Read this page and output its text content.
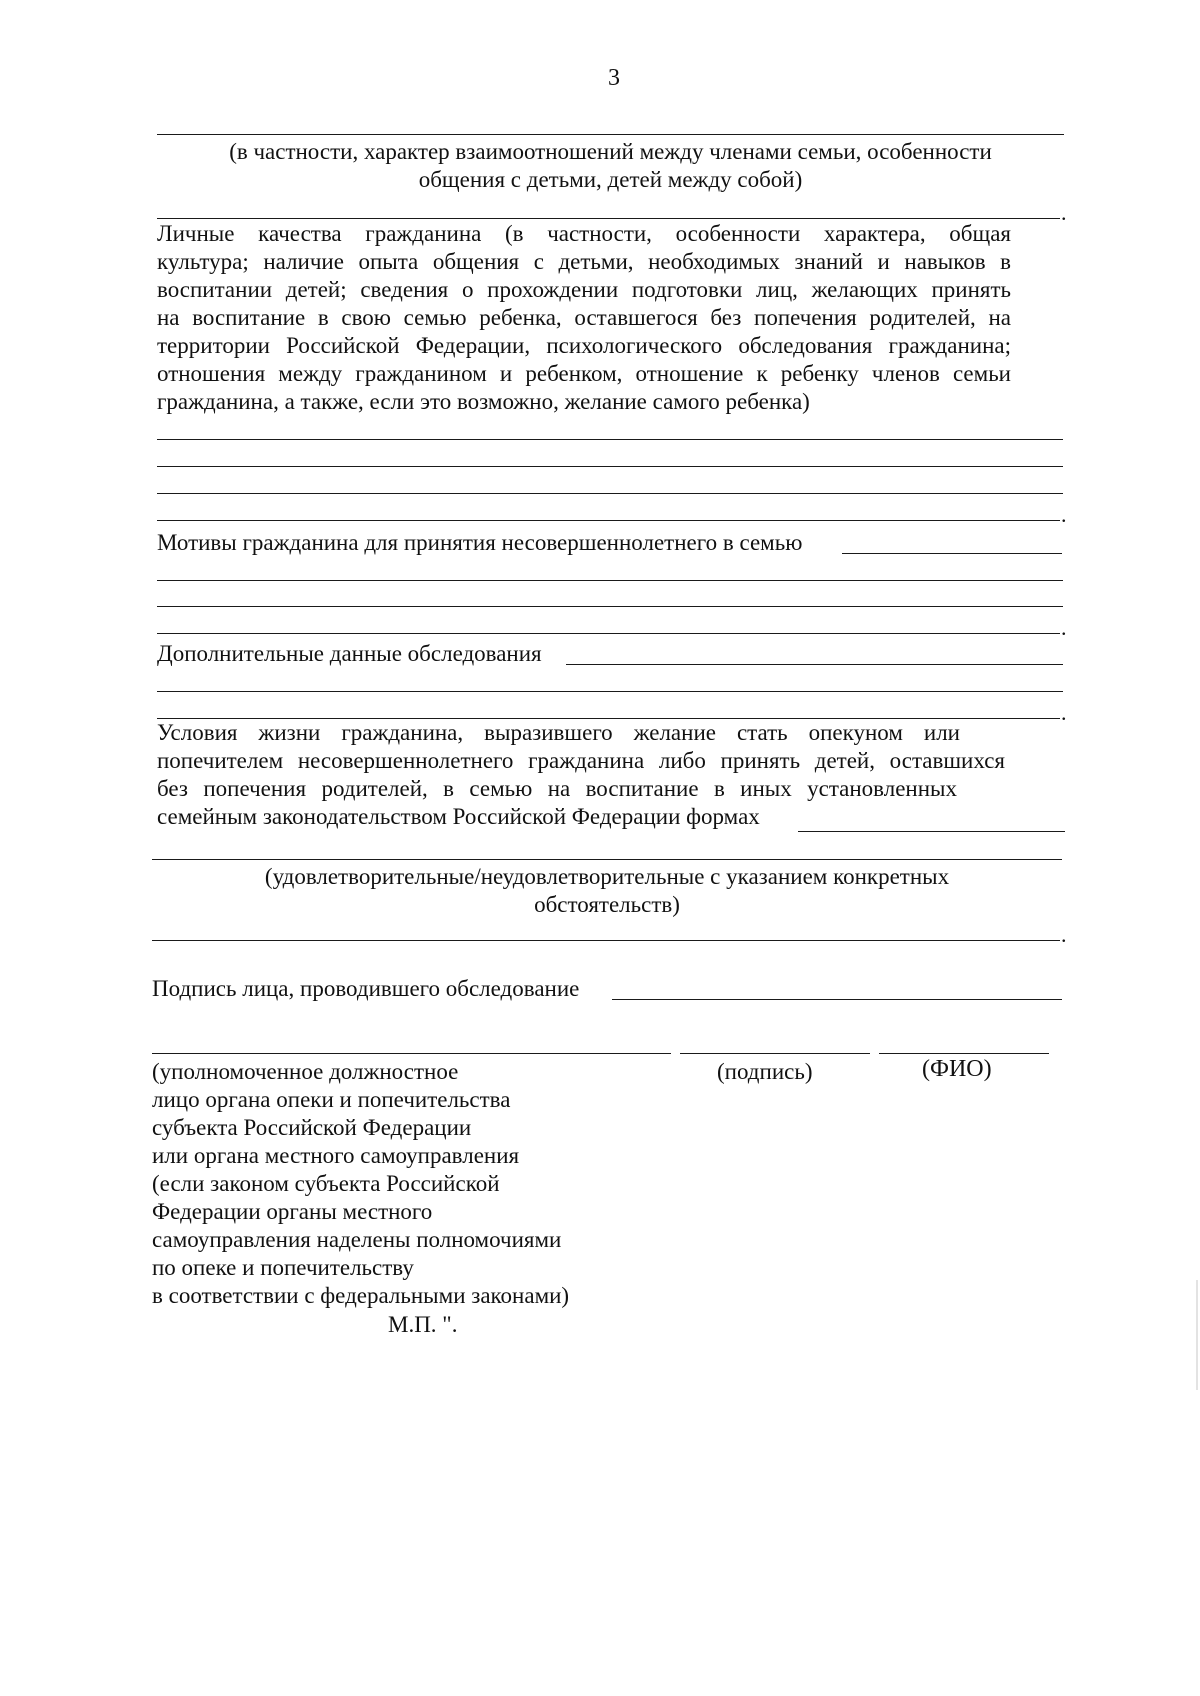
3
(в частности, характер взаимоотношений между членами семьи, особенности
общения с детьми, детей между собой)
.
Личные качества гражданина (в частности, особенности характера, общая
культура; наличие опыта общения с детьми, необходимых знаний и навыков в
воспитании детей; сведения о прохождении подготовки лиц, желающих принять
на воспитание в свою семью ребенка, оставшегося без попечения родителей, на
территории Российской Федерации, психологического обследования гражданина;
отношения между гражданином и ребенком, отношение к ребенку членов семьи
гражданина, а также, если это возможно, желание самого ребенка)
.
Мотивы гражданина для принятия несовершеннолетнего в семью
.
Дополнительные данные обследования
.
Условия жизни гражданина, выразившего желание стать опекуном или
попечителем несовершеннолетнего гражданина либо принять детей, оставшихся
без попечения родителей, в семью на воспитание в иных установленных
семейным законодательством Российской Федерации формах
(удовлетворительные/неудовлетворительные с указанием конкретных
обстоятельств)
.
Подпись лица, проводившего обследование
(уполномоченное должностное
лицо органа опеки и попечительства
субъекта Российской Федерации
или органа местного самоуправления
(если законом субъекта Российской
Федерации органы местного
самоуправления наделены полномочиями
по опеке и попечительству
в соответствии с федеральными законами)
(подпись)	(ФИО)
М.П. ".
